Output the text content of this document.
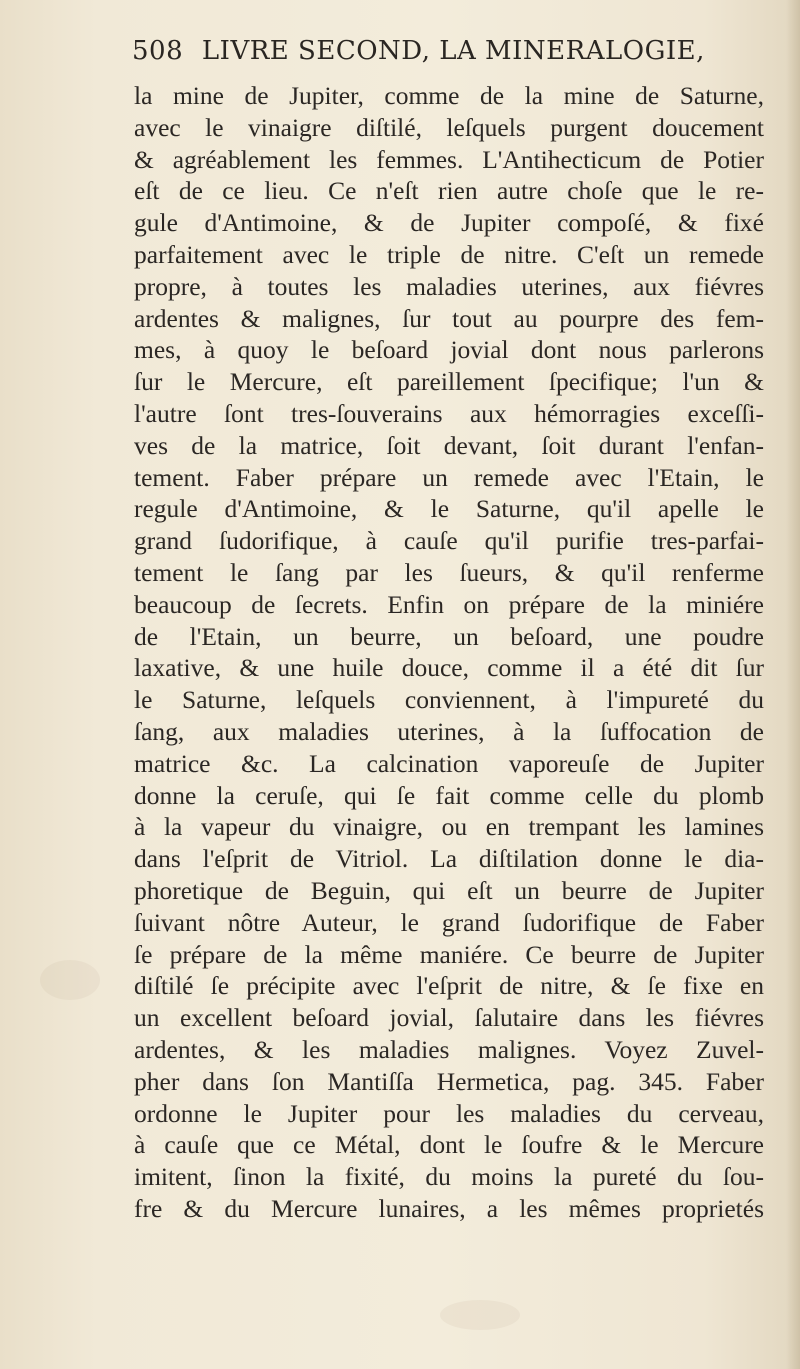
508 LIVRE SECOND, LA MINERALOGIE,
la mine de Jupiter, comme de la mine de Saturne,
avec le vinaigre diſtilé, leſquels purgent doucement
& agréablement les femmes. L'Antihecticum de Potier
eſt de ce lieu. Ce n'eſt rien autre choſe que le re-
gule d'Antimoine, & de Jupiter compoſé, & fixé
parfaitement avec le triple de nitre. C'eſt un remede
propre, à toutes les maladies uterines, aux fiévres
ardentes & malignes, ſur tout au pourpre des fem-
mes, à quoy le beſoard jovial dont nous parlerons
ſur le Mercure, eſt pareillement ſpecifique; l'un &
l'autre ſont tres-ſouverains aux hémorragies exceſſi-
ves de la matrice, ſoit devant, ſoit durant l'enfan-
tement. Faber prépare un remede avec l'Etain, le
regule d'Antimoine, & le Saturne, qu'il apelle le
grand ſudorifique, à cauſe qu'il purifie tres-parfai-
tement le ſang par les ſueurs, & qu'il renferme
beaucoup de ſecrets. Enfin on prépare de la miniére
de l'Etain, un beurre, un beſoard, une poudre
laxative, & une huile douce, comme il a été dit ſur
le Saturne, leſquels conviennent, à l'impureté du
ſang, aux maladies uterines, à la ſuffocation de
matrice &c. La calcination vaporeuſe de Jupiter
donne la ceruſe, qui ſe fait comme celle du plomb
à la vapeur du vinaigre, ou en trempant les lamines
dans l'eſprit de Vitriol. La diſtilation donne le dia-
phoretique de Beguin, qui eſt un beurre de Jupiter
ſuivant nôtre Auteur, le grand ſudorifique de Faber
ſe prépare de la même maniére. Ce beurre de Jupiter
diſtilé ſe précipite avec l'eſprit de nitre, & ſe fixe en
un excellent beſoard jovial, ſalutaire dans les fiévres
ardentes, & les maladies malignes. Voyez Zuvel-
pher dans ſon Mantiſſa Hermetica, pag. 345. Faber
ordonne le Jupiter pour les maladies du cerveau,
à cauſe que ce Métal, dont le ſoufre & le Mercure
imitent, ſinon la fixité, du moins la pureté du ſou-
fre & du Mercure lunaires, a les mêmes proprietés
